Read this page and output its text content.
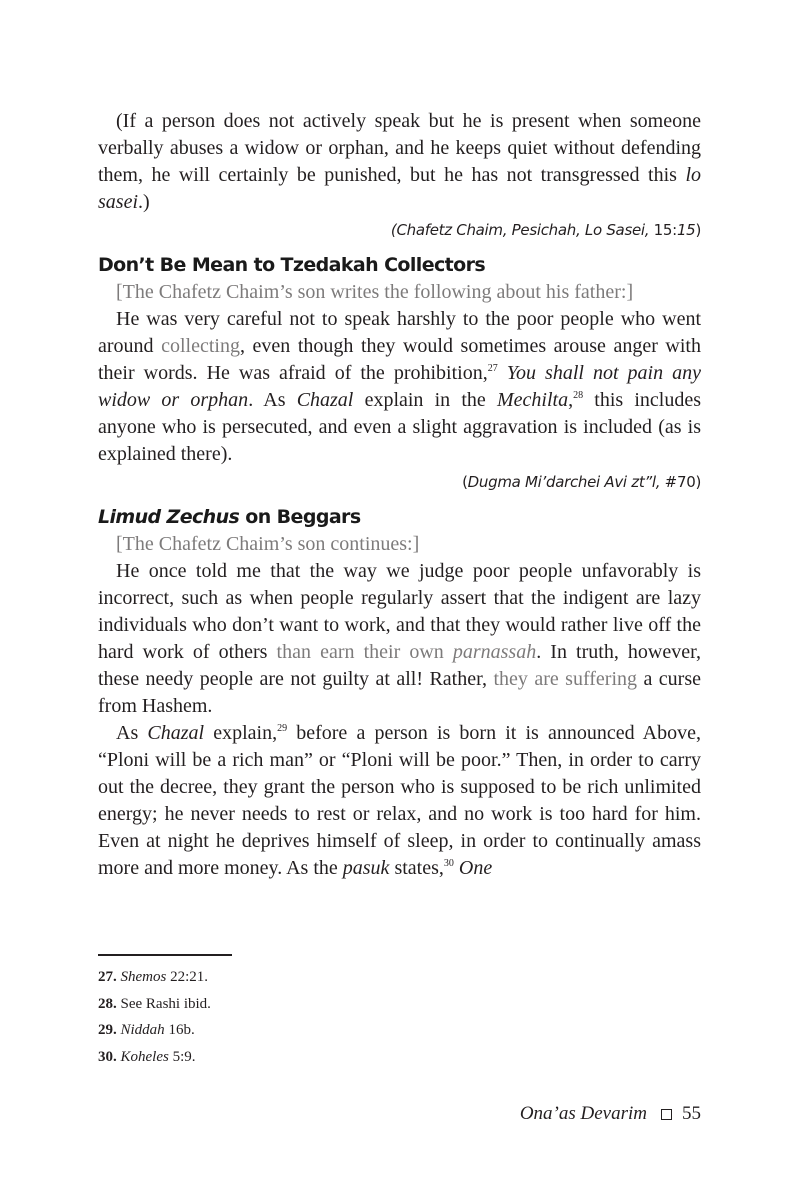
(If a person does not actively speak but he is present when someone verbally abuses a widow or orphan, and he keeps quiet without defending them, he will certainly be punished, but he has not transgressed this lo sasei.)

(Chafetz Chaim, Pesichah, Lo Sasei, 15:15)

Don’t Be Mean to Tzedakah Collectors

[The Chafetz Chaim’s son writes the following about his father:]

He was very careful not to speak harshly to the poor people who went around collecting, even though they would sometimes arouse anger with their words. He was afraid of the prohibition,$^{27}$ You shall not pain any widow or orphan. As Chazal explain in the Mechilta,$^{28}$ this includes anyone who is persecuted, and even a slight aggravation is included (as is explained there).

(Dugma Mi’darchei Avi zt”l, #70)

Limud Zechus on Beggars

[The Chafetz Chaim’s son continues:]

He once told me that the way we judge poor people unfavorably is incorrect, such as when people regularly assert that the indigent are lazy individuals who don’t want to work, and that they would rather live off the hard work of others than earn their own parnassah. In truth, however, these needy people are not guilty at all! Rather, they are suffering a curse from Hashem.

As Chazal explain,$^{29}$ before a person is born it is announced Above, “Ploni will be a rich man” or “Ploni will be poor.” Then, in order to carry out the decree, they grant the person who is supposed to be rich unlimited energy; he never needs to rest or relax, and no work is too hard for him. Even at night he deprives himself of sleep, in order to continually amass more and more money. As the pasuk states,$^{30}$ One

27. Shemos 22:21.
28. See Rashi ibid.
29. Niddah 16b.
30. Koheles 5:9.
Ona’as Devarim 55
